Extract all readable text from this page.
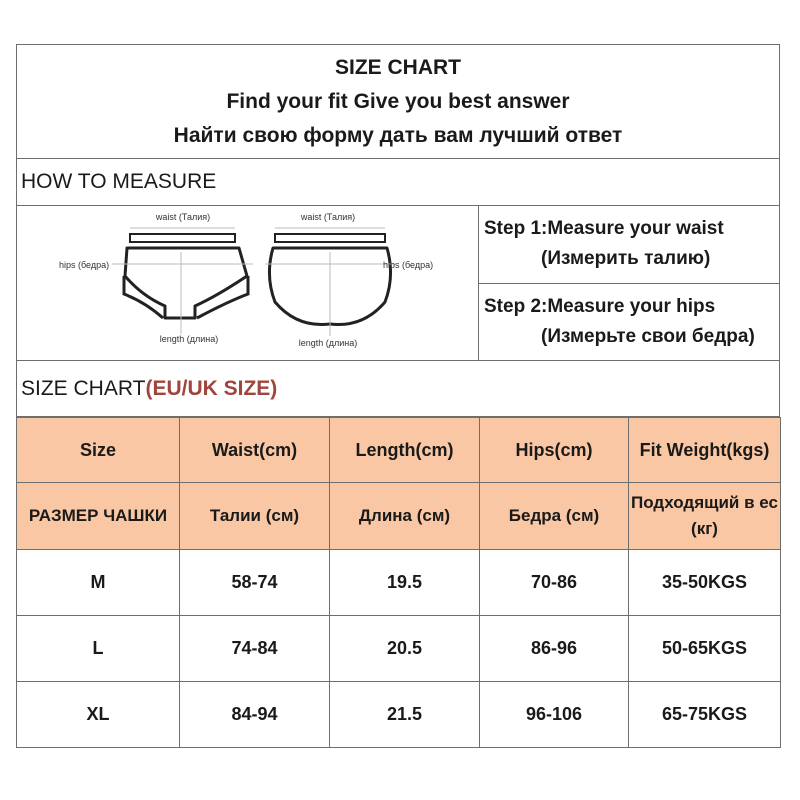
SIZE CHART
Find your fit Give you best answer
Найти свою форму дать вам лучший ответ
HOW TO MEASURE
waist (Талия)	waist (Талия)
hips (бедра)	hips (бедра)
length (длина)	length (длина)
Step 1:Measure your waist
(Измерить талию)
Step 2:Measure your hips
(Измерьте свои бедра)
SIZE CHART (EU/UK SIZE)
Size	Waist(cm)	Length(cm)	Hips(cm)	Fit Weight(kgs)
РАЗМЕР ЧАШКИ	Талии (см)	Длина (см)	Бедра (см)	Подходящий в ес (кг)
M	58-74	19.5	70-86	35-50KGS
L	74-84	20.5	86-96	50-65KGS
XL	84-94	21.5	96-106	65-75KGS
